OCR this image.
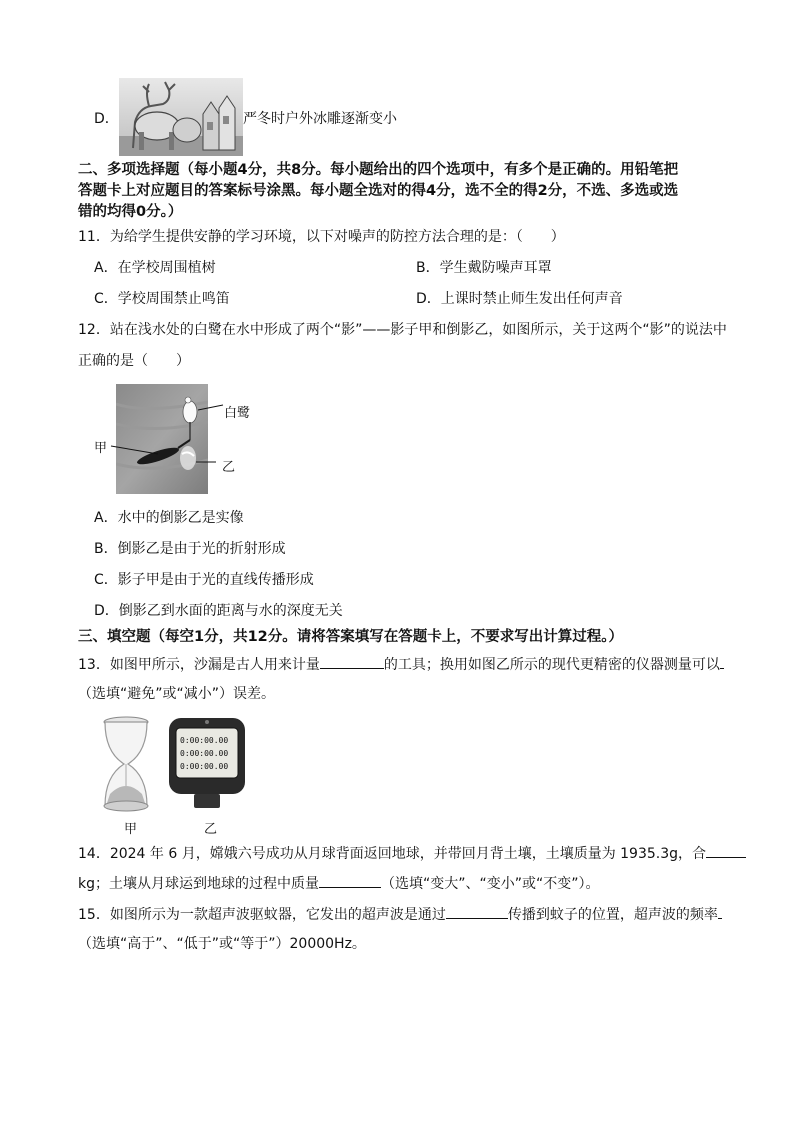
D．	严冬时户外冰雕逐渐变小
二、多项选择题（每小题4分，共8分。每小题给出的四个选项中，有多个是正确的。用铅笔把
答题卡上对应题目的答案标号涂黑。每小题全选对的得4分，选不全的得2分，不选、多选或选
错的均得0分。）
11．为给学生提供安静的学习环境，以下对噪声的防控方法合理的是：（　　）
A．在学校周围植树	B．学生戴防噪声耳罩
C．学校周围禁止鸣笛	D．上课时禁止师生发出任何声音
12．站在浅水处的白鹭在水中形成了两个“影”——影子甲和倒影乙，如图所示，关于这两个“影”的说法中
正确的是（　　）
白鹭
甲
乙
A．水中的倒影乙是实像
B．倒影乙是由于光的折射形成
C．影子甲是由于光的直线传播形成
D．倒影乙到水面的距离与水的深度无关
三、填空题（每空1分，共12分。请将答案填写在答题卡上，不要求写出计算过程。）
13．如图甲所示，沙漏是古人用来计量	的工具；换用如图乙所示的现代更精密的仪器测量可以
（选填“避免”或“减小”）误差。
甲
0:00:00.00
0:00:00.00
0:00:00.00
乙
14．2024 年 6 月，嫦娥六号成功从月球背面返回地球，并带回月背土壤，土壤质量为 1935.3g，合
kg；土壤从月球运到地球的过程中质量	（选填“变大”、“变小”或“不变”）。
15．如图所示为一款超声波驱蚊器，它发出的超声波是通过	传播到蚊子的位置，超声波的频率
（选填“高于”、“低于”或“等于”）20000Hz。
